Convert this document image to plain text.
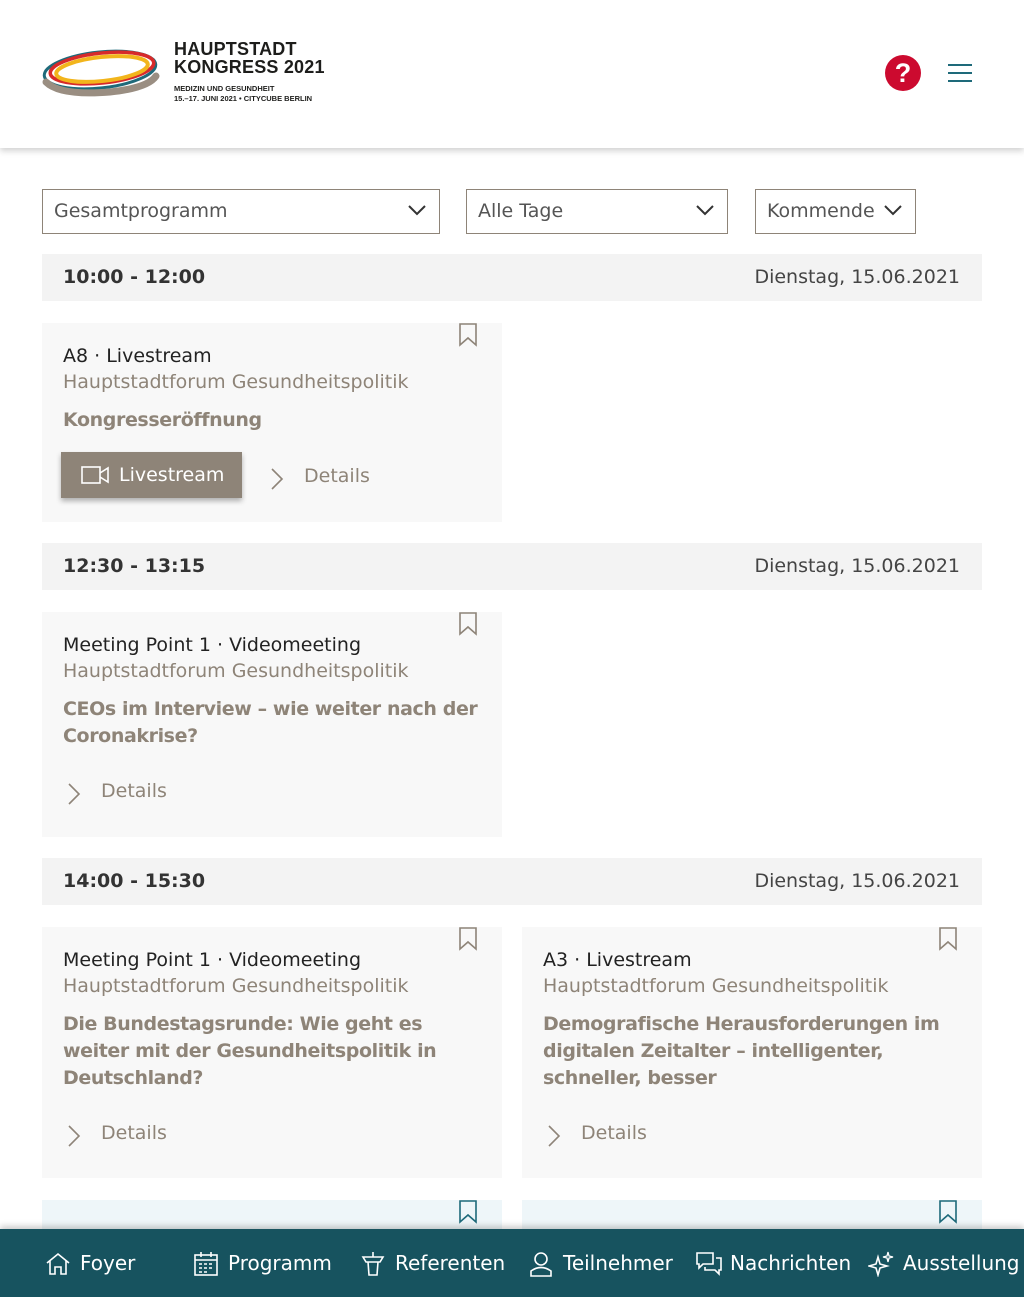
HAUPTSTADT
KONGRESS 2021
MEDIZIN UND GESUNDHEIT
15.–17. JUNI 2021 • CITYCUBE BERLIN
?
Gesamtprogramm	Alle Tage	Kommende
10:00 - 12:00	Dienstag, 15.06.2021
A8 · Livestream
Hauptstadtforum Gesundheitspolitik
Kongresseröffnung
Livestream	Details
12:30 - 13:15	Dienstag, 15.06.2021
Meeting Point 1 · Videomeeting
Hauptstadtforum Gesundheitspolitik
CEOs im Interview – wie weiter nach der Coronakrise?
Details
14:00 - 15:30	Dienstag, 15.06.2021
Meeting Point 1 · Videomeeting
Hauptstadtforum Gesundheitspolitik
Die Bundestagsrunde: Wie geht es weiter mit der Gesundheitspolitik in Deutschland?
Details
A3 · Livestream
Hauptstadtforum Gesundheitspolitik
Demografische Herausforderungen im digitalen Zeitalter – intelligenter, schneller, besser
Details
Foyer	Programm	Referenten	Teilnehmer	Nachrichten	Ausstellung
